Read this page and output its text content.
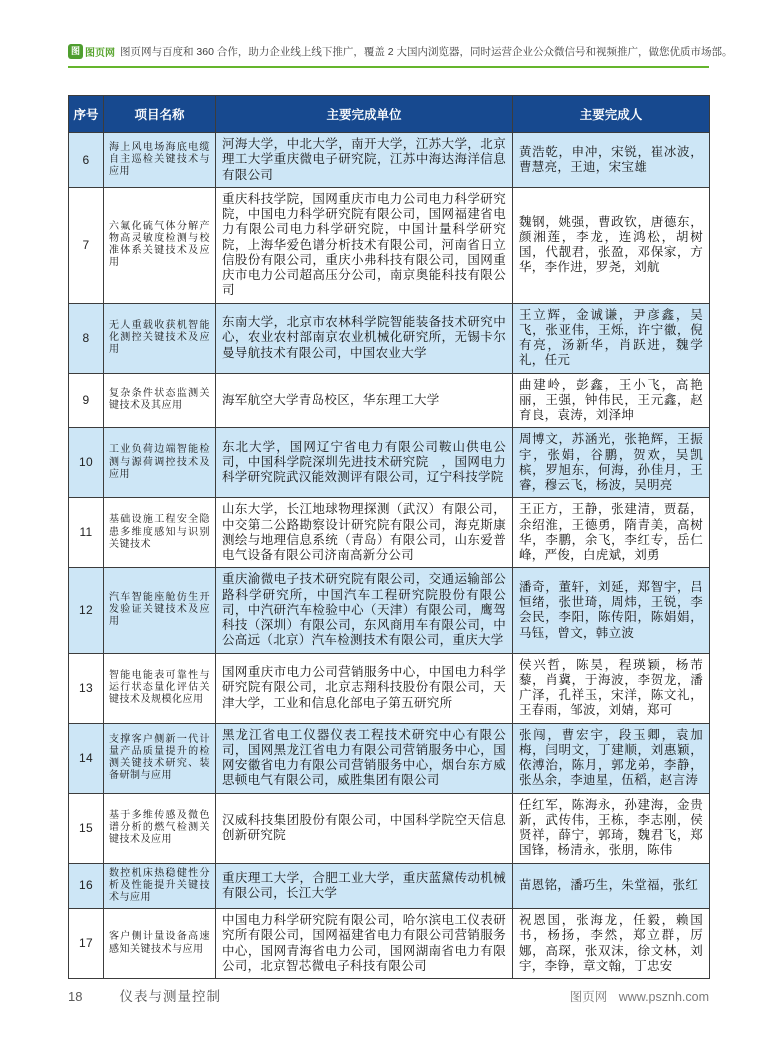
图 图页网 图页网与百度和 360 合作，助力企业线上线下推广，覆盖 2 大国内浏览器，同时运营企业公众微信号和视频推广，做您优质市场部。
序号	项目名称	主要完成单位	主要完成人
6	海上风电场海底电缆自主巡检关键技术与应用	河海大学，中北大学，南开大学，江苏大学，北京理工大学重庆微电子研究院，江苏中海达海洋信息有限公司	黄浩乾，申冲，宋锐，崔冰波，曹慧亮，王迪，宋宝雄
7	六氟化硫气体分解产物高灵敏度检测与校准体系关键技术及应用	重庆科技学院，国网重庆市电力公司电力科学研究院，中国电力科学研究院有限公司，国网福建省电力有限公司电力科学研究院，中国计量科学研究院，上海华爱色谱分析技术有限公司，河南省日立信股份有限公司，重庆小弗科技有限公司，国网重庆市电力公司超高压分公司，南京奥能科技有限公司	魏钢，姚强，曹政钦，唐德东，颜湘莲，李龙，连鸿松，胡树国，代靓君，张盈，邓保家，方华，李作进，罗尧，刘航
8	无人重载收获机智能化测控关键技术及应用	东南大学，北京市农林科学院智能装备技术研究中心，农业农村部南京农业机械化研究所，无锡卡尔曼导航技术有限公司，中国农业大学	王立辉，金诚谦，尹彦鑫，吴飞，张亚伟，王烁，许宁徽，倪有亮，汤新华，肖跃进，魏学礼，任元
9	复杂条件状态监测关键技术及其应用	海军航空大学青岛校区，华东理工大学	曲建岭，彭鑫，王小飞，高艳丽，王强，钟伟民，王元鑫，赵育良，袁涛，刘泽坤
10	工业负荷边端智能检测与源荷调控技术及应用	东北大学，国网辽宁省电力有限公司鞍山供电公司，中国科学院深圳先进技术研究院　，国网电力科学研究院武汉能效测评有限公司，辽宁科技学院	周博文，苏涵光，张艳辉，王振宇，张娟，谷鹏，贺欢，吴凯槟，罗旭东，何海，孙佳月，王睿，穆云飞，杨波，吴明亮
11	基础设施工程安全隐患多维度感知与识别关键技术	山东大学，长江地球物理探测（武汉）有限公司，中交第二公路勘察设计研究院有限公司，海克斯康测绘与地理信息系统（青岛）有限公司，山东爱普电气设备有限公司济南高新分公司	王正方，王静，张建清，贾磊，余绍淮，王德勇，隋青美，高树华，李鹏，余飞，李红专，岳仁峰，严俊，白虎斌，刘勇
12	汽车智能座舱仿生开发验证关键技术及应用	重庆渝微电子技术研究院有限公司，交通运输部公路科学研究所，中国汽车工程研究院股份有限公司，中汽研汽车检验中心（天津）有限公司，鹰驾科技（深圳）有限公司，东风商用车有限公司，中公高远（北京）汽车检测技术有限公司，重庆大学	潘奇，董轩，刘延，郑智宇，吕恒绪，张世琦，周炜，王锐，李会民，李阳，陈传阳，陈娟娟，马钰，曾文，韩立波
13	智能电能表可靠性与运行状态量化评估关键技术及规模化应用	国网重庆市电力公司营销服务中心，中国电力科学研究院有限公司，北京志翔科技股份有限公司，天津大学，工业和信息化部电子第五研究所	侯兴哲，陈昊，程瑛颖，杨芾藜，肖冀，于海波，李贺龙，潘广泽，孔祥玉，宋洋，陈文礼，王春雨，邹波，刘婧，郑可
14	支撑客户侧新一代计量产品质量提升的检测关键技术研究、装备研制与应用	黑龙江省电工仪器仪表工程技术研究中心有限公司，国网黑龙江省电力有限公司营销服务中心，国网安徽省电力有限公司营销服务中心，烟台东方威思顿电气有限公司，威胜集团有限公司	张闯，曹宏宇，段玉卿，袁加梅，闫明文，丁建顺，刘惠颖，依溥治，陈月，郭龙弟，李静，张丛余，李迪星，伍稻，赵言涛
15	基于多维传感及微色谱分析的燃气检测关键技术及应用	汉威科技集团股份有限公司，中国科学院空天信息创新研究院	任红军，陈海永，孙建海，金贵新，武传伟，王栋，李志刚，侯贤祥，薛宁，郭琦，魏君飞，郑国锋，杨清永，张朋，陈伟
16	数控机床热稳健性分析及性能提升关键技术与应用	重庆理工大学，合肥工业大学，重庆蓝黛传动机械有限公司，长江大学	苗恩铭，潘巧生，朱堂福，张红
17	客户侧计量设备高速感知关键技术与应用	中国电力科学研究院有限公司，哈尔滨电工仪表研究所有限公司，国网福建省电力有限公司营销服务中心，国网青海省电力公司，国网湖南省电力有限公司，北京智芯微电子科技有限公司	祝恩国，张海龙，任毅，赖国书，杨扬，李然，郑立群，厉娜，高琛，张双沫，徐文林，刘宇，李铮，章文翰，丁忠安
18	仪表与测量控制	图页网 www.psznh.com
